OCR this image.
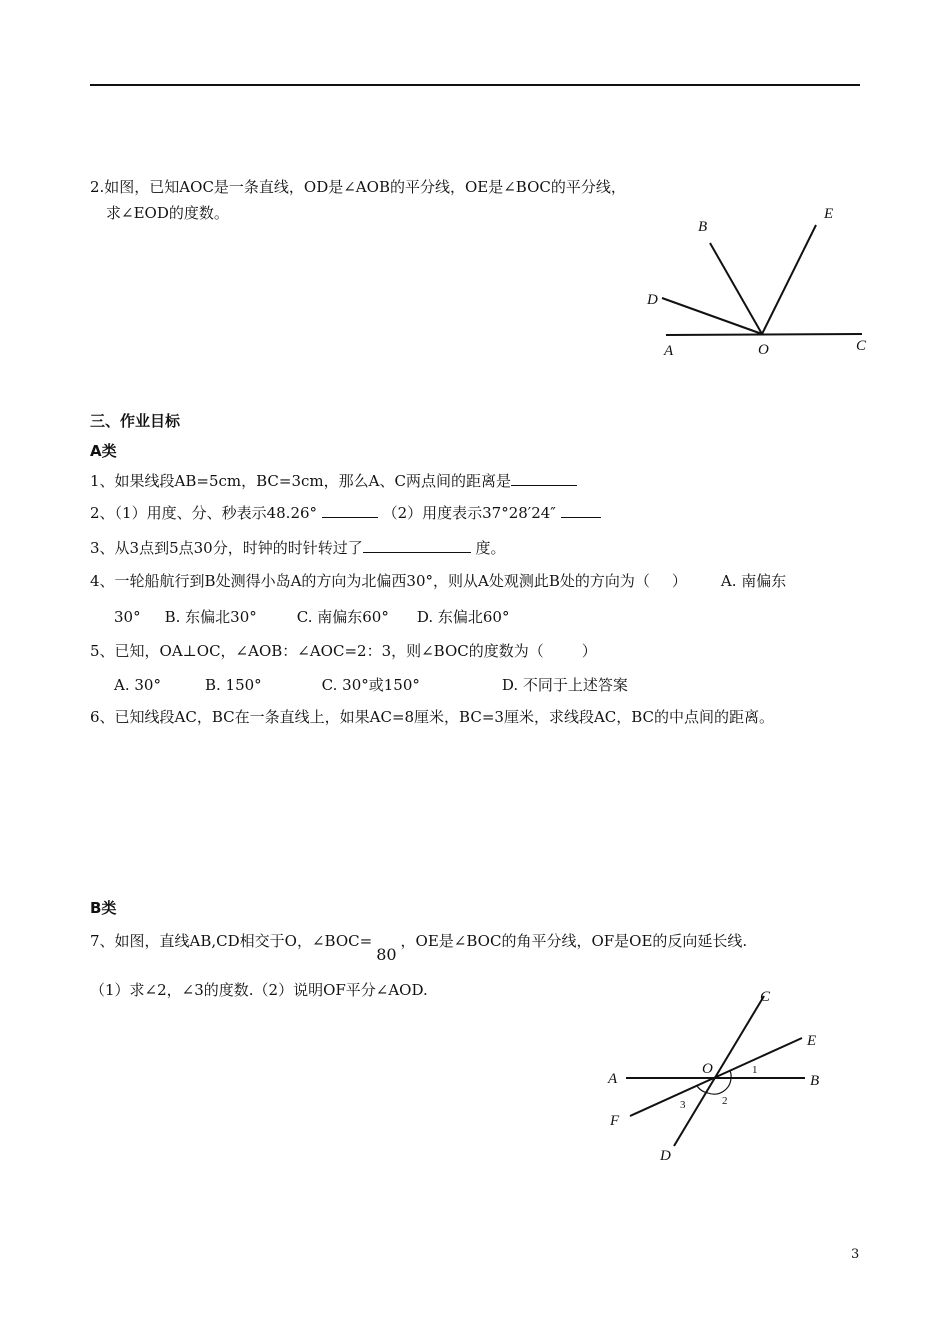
2.如图，已知AOC是一条直线，OD是∠AOB的平分线，OE是∠BOC的平分线，
求∠EOD的度数。
B
E
D
A	O	C
三、作业目标
A类
1、如果线段AB=5cm，BC=3cm，那么A、C两点间的距离是
2、（1）用度、分、秒表示48.26°	（2）用度表示37°28′24″
3、从3点到5点30分，时钟的时针转过了	度。
4、一轮船航行到B处测得小岛A的方向为北偏西30°，则从A处观测此B处的方向为（ ） A. 南偏东
30° B. 东偏北30°	C. 南偏东60° D. 东偏北60°
5、已知，OA⊥OC，∠AOB：∠AOC=2：3，则∠BOC的度数为（	）
A. 30°	B. 150°	C. 30°或150°	D. 不同于上述答案
6、已知线段AC，BC在一条直线上，如果AC=8厘米，BC=3厘米，求线段AC，BC的中点间的距离。
B类
7、如图，直线AB,CD相交于O，∠BOC=80，OE是∠BOC的角平分线，OF是OE的反向延长线.
（1）求∠2，∠3的度数.（2）说明OF平分∠AOD.	C
E
A
O
B
F
D
1
2
3
3
